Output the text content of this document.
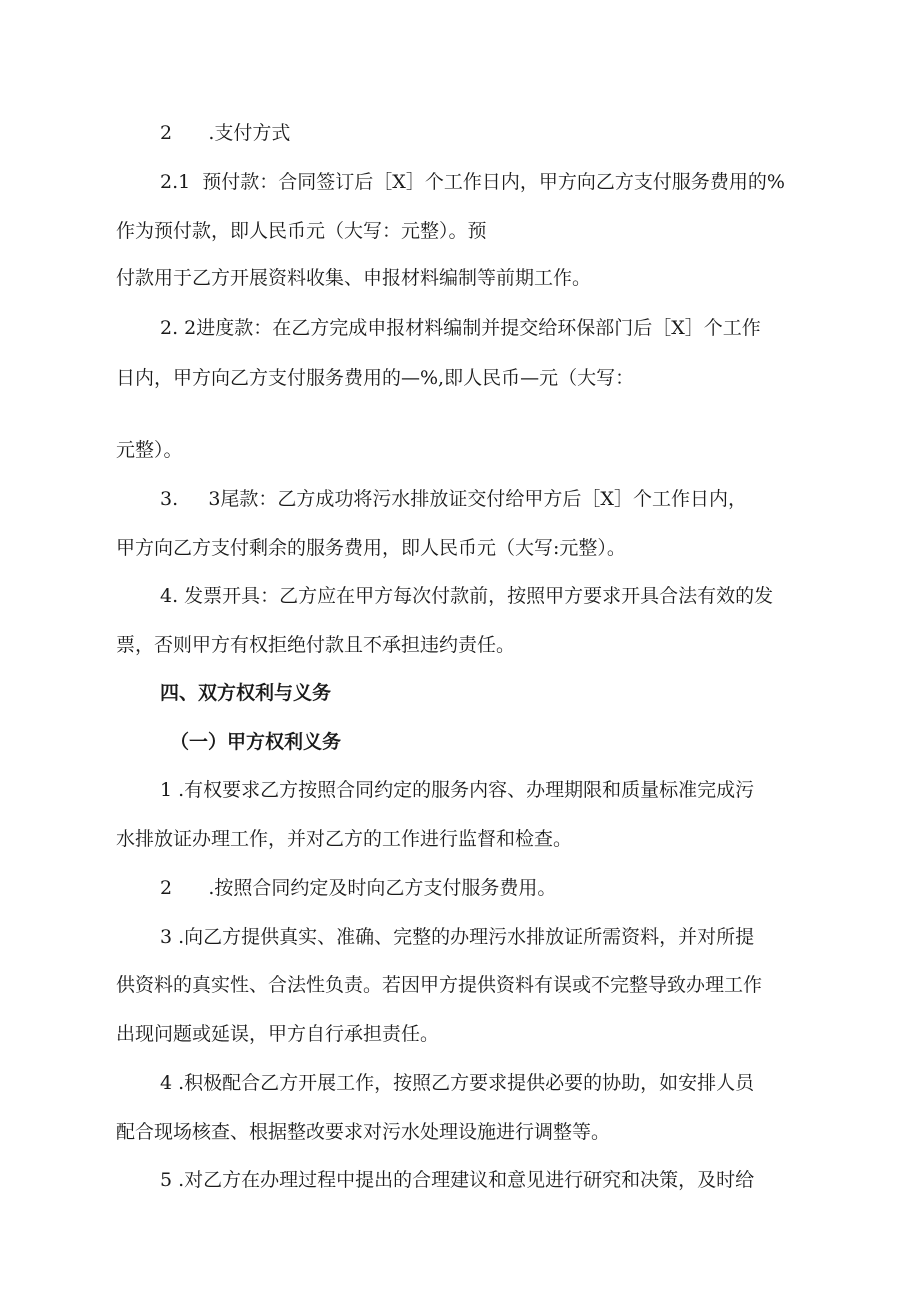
2      .支付方式
2.1  预付款：合同签订后［X］个工作日内，甲方向乙方支付服务费用的%
作为预付款，即人民币元（大写：元整）。预
付款用于乙方开展资料收集、申报材料编制等前期工作。
2. 2进度款：在乙方完成申报材料编制并提交给环保部门后［X］个工作
日内，甲方向乙方支付服务费用的—%,即人民币—元（大写：
元整）。
3.     3尾款：乙方成功将污水排放证交付给甲方后［X］个工作日内，
甲方向乙方支付剩余的服务费用，即人民币元（大写:元整）。
4. 发票开具：乙方应在甲方每次付款前，按照甲方要求开具合法有效的发
票，否则甲方有权拒绝付款且不承担违约责任。
四、双方权利与义务
（一）甲方权利义务
1 .有权要求乙方按照合同约定的服务内容、办理期限和质量标准完成污
水排放证办理工作，并对乙方的工作进行监督和检查。
2      .按照合同约定及时向乙方支付服务费用。
3 .向乙方提供真实、准确、完整的办理污水排放证所需资料，并对所提
供资料的真实性、合法性负责。若因甲方提供资料有误或不完整导致办理工作
出现问题或延误，甲方自行承担责任。
4 .积极配合乙方开展工作，按照乙方要求提供必要的协助，如安排人员
配合现场核查、根据整改要求对污水处理设施进行调整等。
5 .对乙方在办理过程中提出的合理建议和意见进行研究和决策，及时给
